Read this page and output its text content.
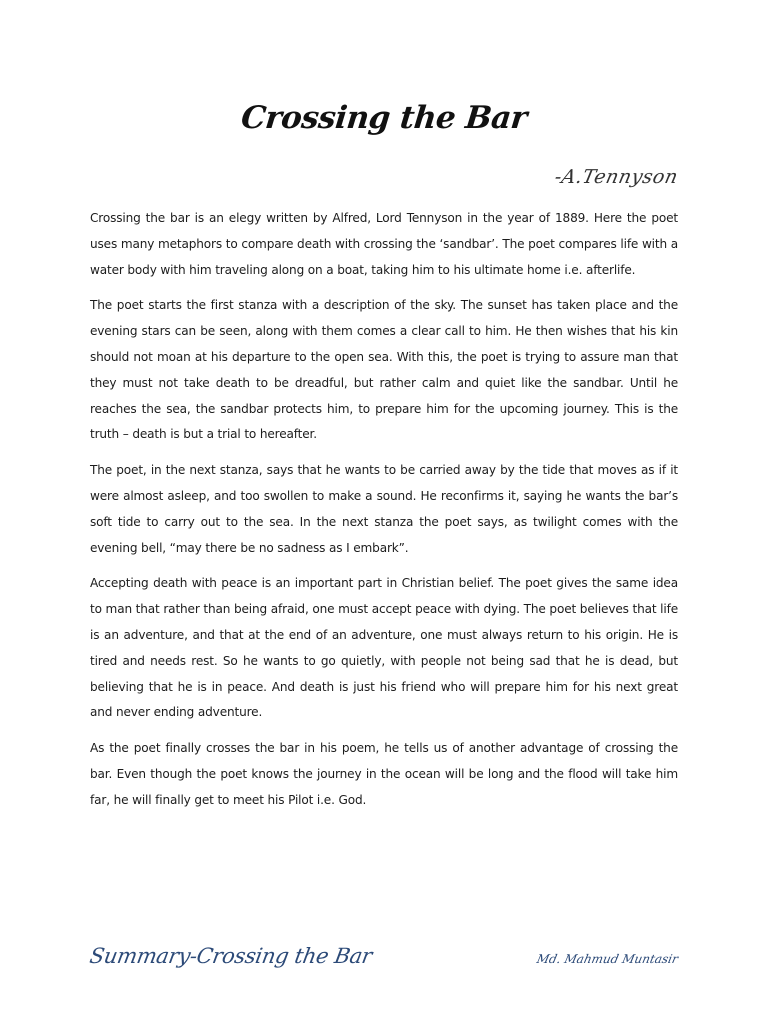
Crossing the Bar
-A.Tennyson

Crossing the bar is an elegy written by Alfred, Lord Tennyson in the year of 1889. Here the poet uses many metaphors to compare death with crossing the ‘sandbar’. The poet compares life with a water body with him traveling along on a boat, taking him to his ultimate home i.e. afterlife.

The poet starts the first stanza with a description of the sky. The sunset has taken place and the evening stars can be seen, along with them comes a clear call to him. He then wishes that his kin should not moan at his departure to the open sea. With this, the poet is trying to assure man that they must not take death to be dreadful, but rather calm and quiet like the sandbar. Until he reaches the sea, the sandbar protects him, to prepare him for the upcoming journey. This is the truth – death is but a trial to hereafter.

The poet, in the next stanza, says that he wants to be carried away by the tide that moves as if it were almost asleep, and too swollen to make a sound. He reconfirms it, saying he wants the bar’s soft tide to carry out to the sea. In the next stanza the poet says, as twilight comes with the evening bell, “may there be no sadness as I embark”.

Accepting death with peace is an important part in Christian belief. The poet gives the same idea to man that rather than being afraid, one must accept peace with dying. The poet believes that life is an adventure, and that at the end of an adventure, one must always return to his origin. He is tired and needs rest. So he wants to go quietly, with people not being sad that he is dead, but believing that he is in peace. And death is just his friend who will prepare him for his next great and never ending adventure.

As the poet finally crosses the bar in his poem, he tells us of another advantage of crossing the bar. Even though the poet knows the journey in the ocean will be long and the flood will take him far, he will finally get to meet his Pilot i.e. God.

Summary-Crossing the Bar	Md. Mahmud Muntasir
